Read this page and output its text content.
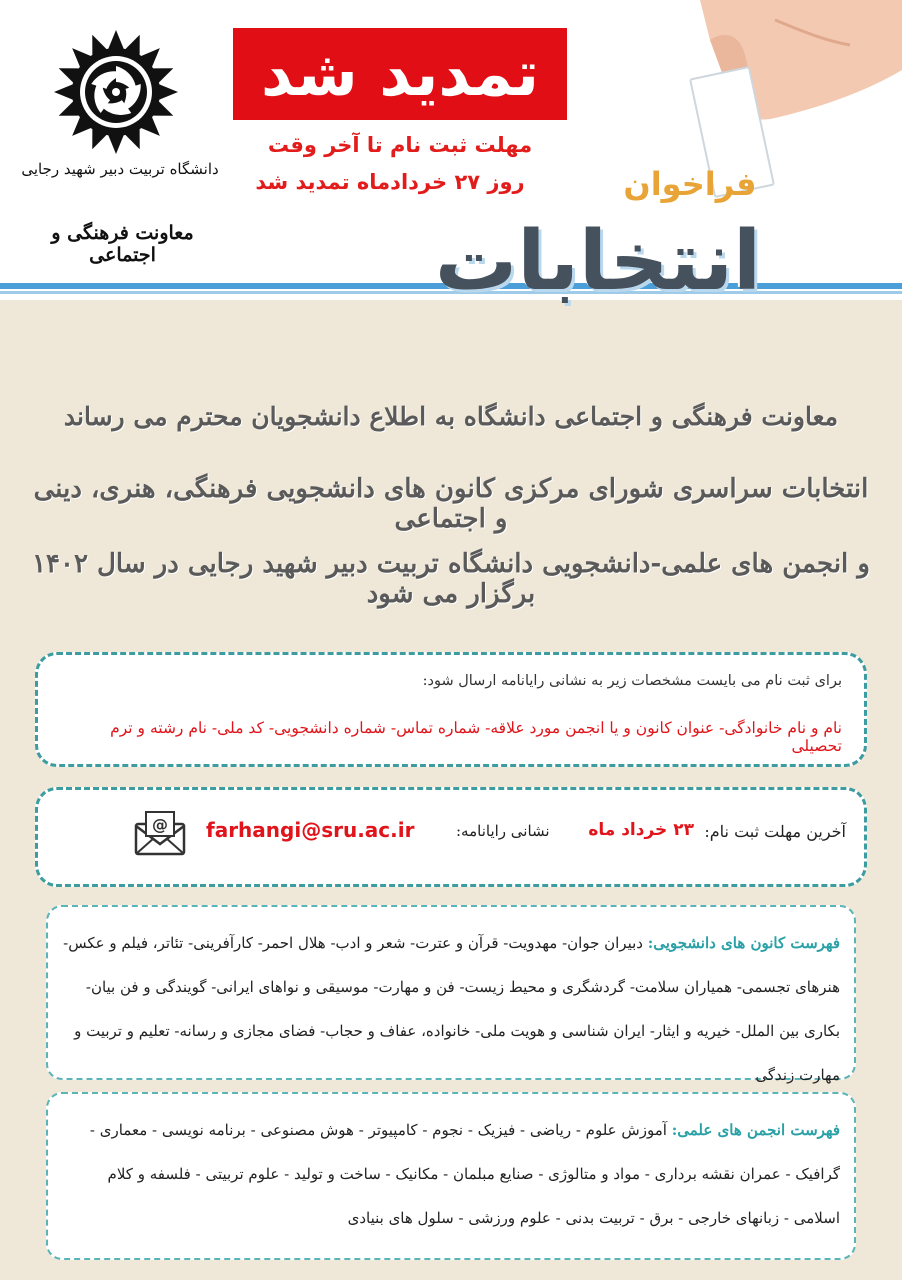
دانشگاه تربیت دبیر شهید رجایی
معاونت فرهنگی و اجتماعی
تمدید شد
مهلت ثبت نام تا آخر وقت
روز ۲۷ خردادماه تمدید شد	فراخوان
انتخابات
معاونت فرهنگی و اجتماعی دانشگاه به اطلاع دانشجویان محترم می رساند
انتخابات سراسری شورای مرکزی کانون های دانشجویی فرهنگی، هنری، دینی و اجتماعی
و انجمن های علمی-دانشجویی دانشگاه تربیت دبیر شهید رجایی در سال ۱۴۰۲ برگزار می شود
برای ثبت نام می بایست مشخصات زیر به نشانی رایانامه ارسال شود:
نام و نام خانوادگی- عنوان کانون و یا انجمن مورد علاقه- شماره تماس- شماره دانشجویی- کد ملی- نام رشته و ترم تحصیلی
آخرین مهلت ثبت نام:
۲۳ خرداد ماه
نشانی رایانامه:
farhangi@sru.ac.ir
@
فهرست کانون های دانشجویی: دبیران جوان- مهدویت- قرآن و عترت- شعر و ادب- هلال احمر- کارآفرینی- تئاتر، فیلم و عکس- هنرهای تجسمی- همیاران سلامت- گردشگری و محیط زیست- فن و مهارت- موسیقی و نواهای ایرانی- گویندگی و فن بیان- بکاری بین الملل- خیریه و ایثار- ایران شناسی و هویت ملی- خانواده، عفاف و حجاب- فضای مجازی و رسانه- تعلیم و تربیت و مهارت زندگی
فهرست انجمن های علمی: آموزش علوم - ریاضی - فیزیک - نجوم - کامپیوتر - هوش مصنوعی - برنامه نویسی - معماری - گرافیک - عمران نقشه برداری - مواد و متالوژی - صنایع مبلمان - مکانیک - ساخت و تولید - علوم تربیتی - فلسفه و کلام اسلامی - زبانهای خارجی - برق - تربیت بدنی - علوم ورزشی - سلول های بنیادی
